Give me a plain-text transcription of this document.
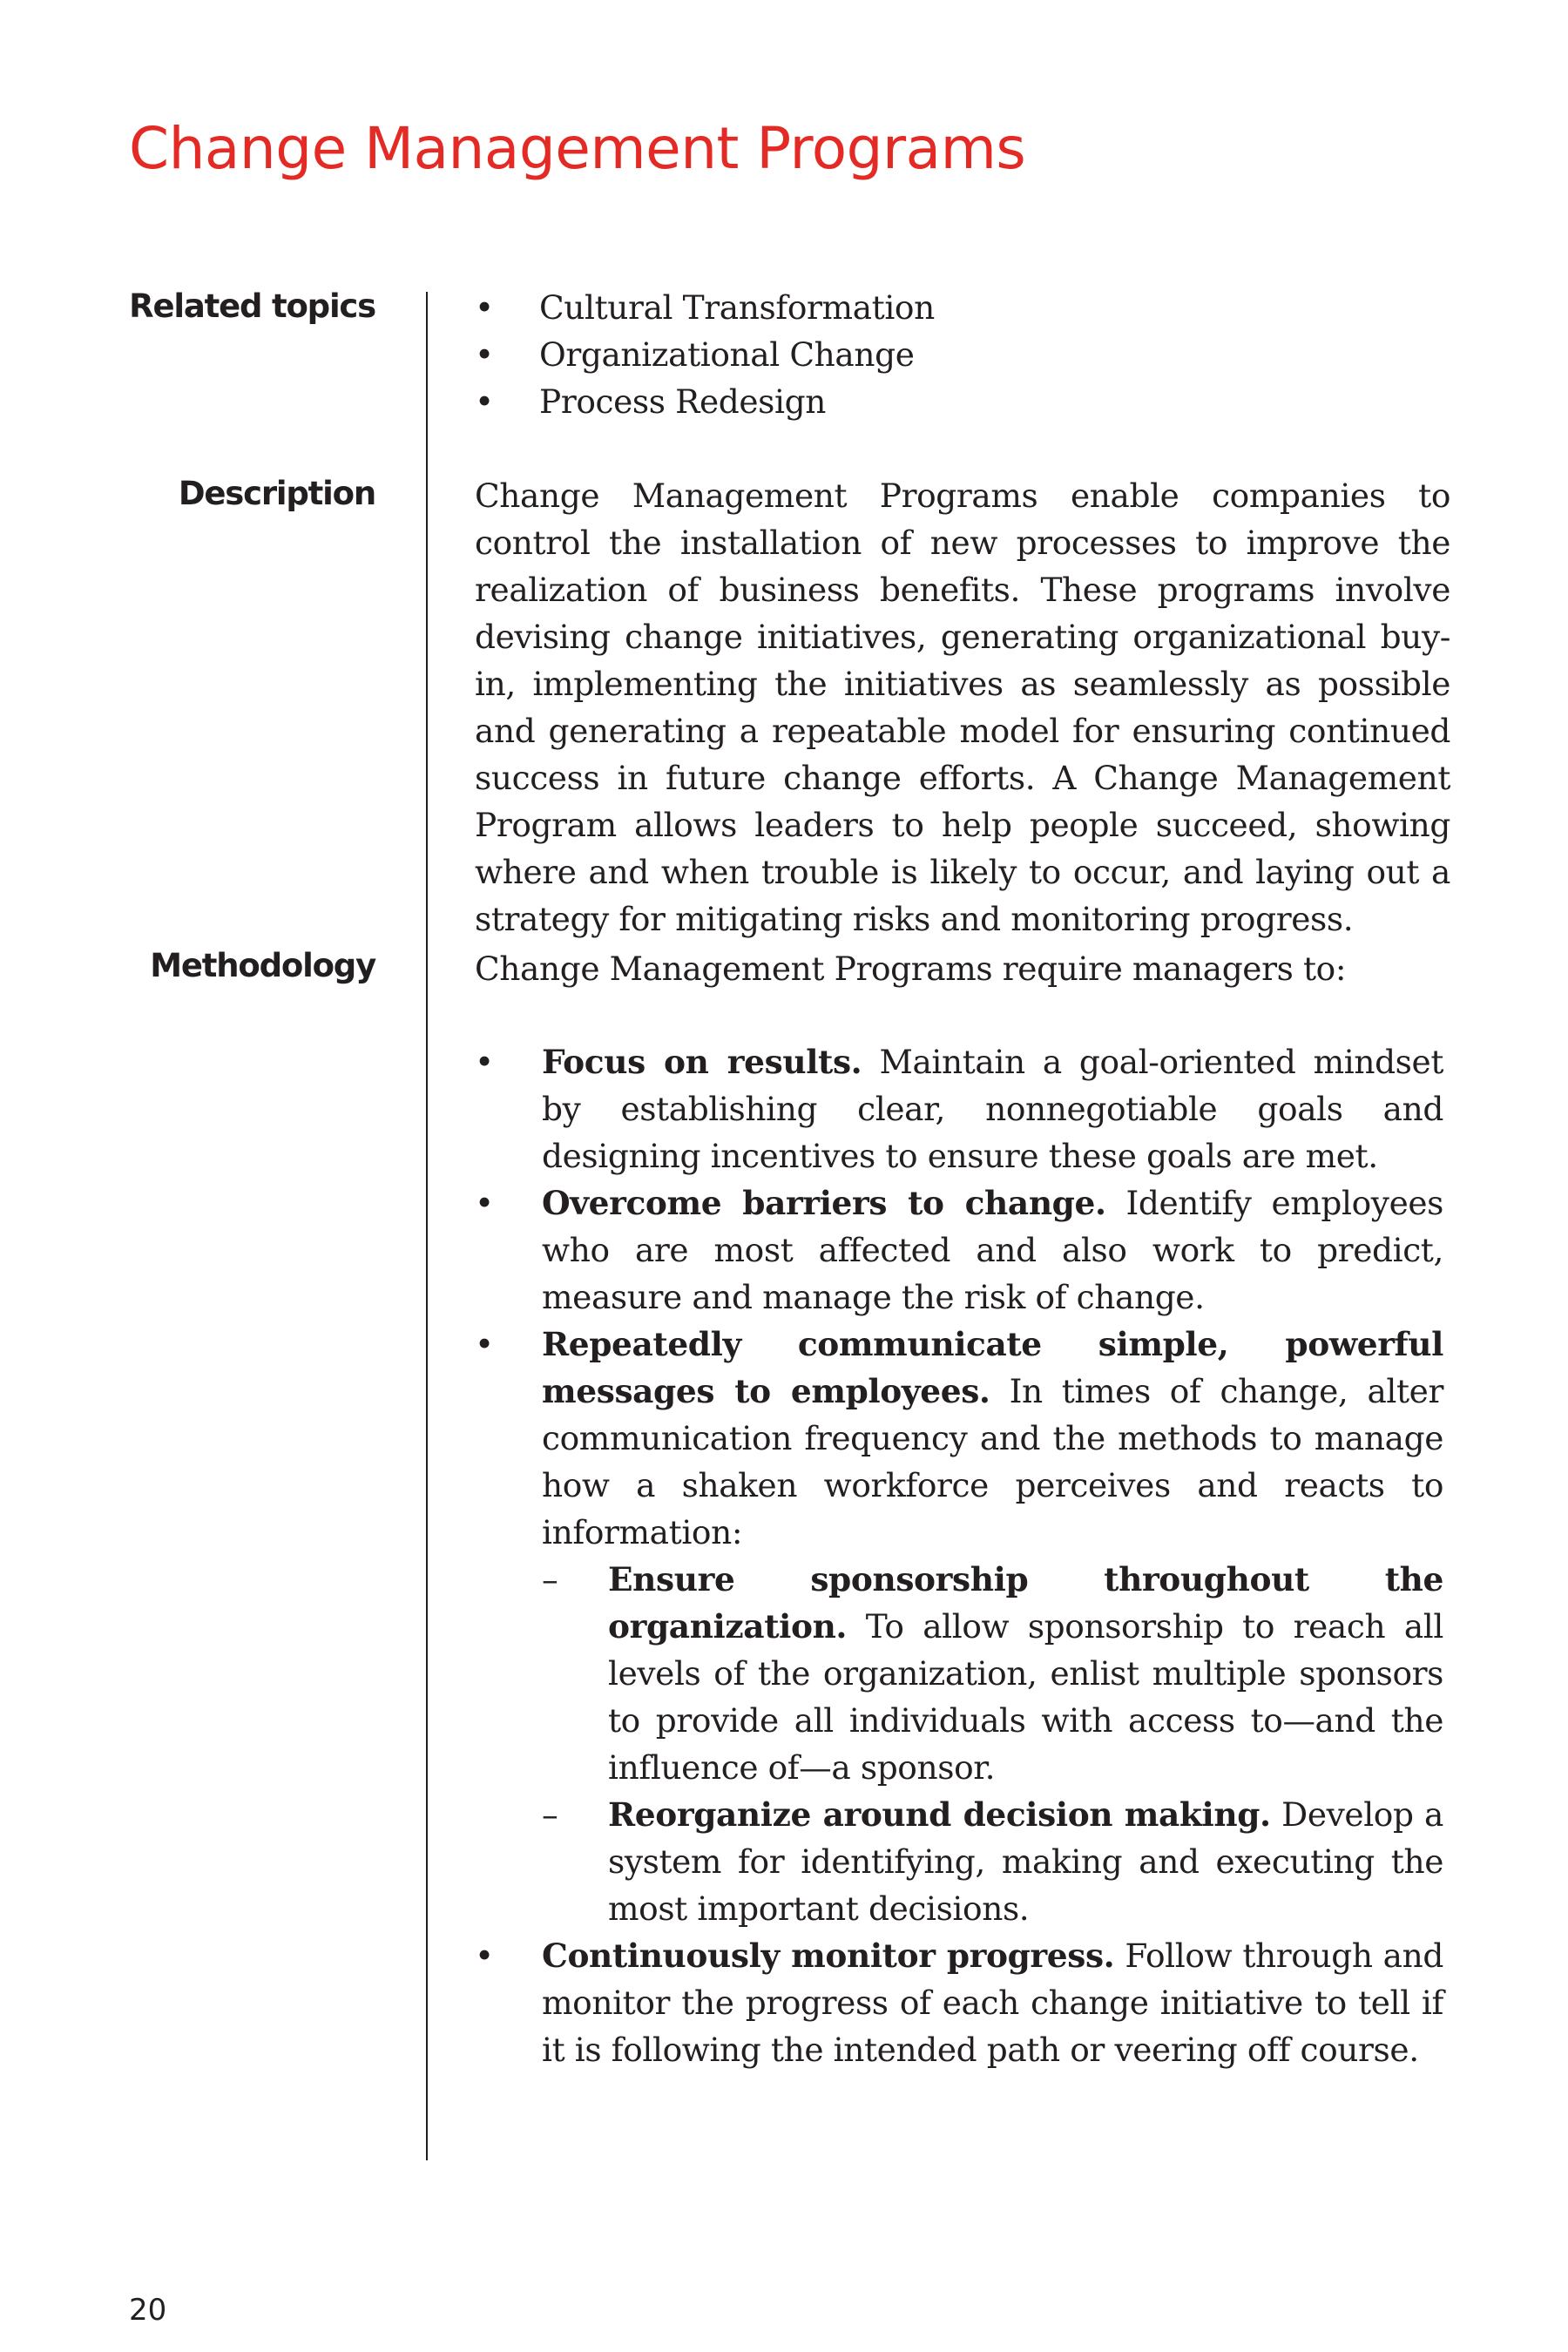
Change Management Programs
Related topics	• Cultural Transformation
• Organizational Change
• Process Redesign
Description	Change Management Programs enable companies to control the installation of new processes to improve the realization of business benefits. These programs involve devising change initiatives, generating organizational buy-in, implementing the initiatives as seamlessly as possible and generating a repeatable model for ensuring continued success in future change efforts. A Change Management Program allows leaders to help people succeed, showing where and when trouble is likely to occur, and laying out a strategy for mitigating risks and monitoring progress.

Methodology	Change Management Programs require managers to:

• Focus on results. Maintain a goal-oriented mindset by establishing clear, nonnegotiable goals and designing incentives to ensure these goals are met.
• Overcome barriers to change. Identify employees who are most affected and also work to predict, measure and manage the risk of change.
• Repeatedly communicate simple, powerful messages to employees. In times of change, alter communication frequency and the methods to manage how a shaken workforce perceives and reacts to information:
– Ensure sponsorship throughout the organization. To allow sponsorship to reach all levels of the organization, enlist multiple sponsors to provide all individuals with access to—and the influence of—a sponsor.
– Reorganize around decision making. Develop a system for identifying, making and executing the most important decisions.
• Continuously monitor progress. Follow through and monitor the progress of each change initiative to tell if it is following the intended path or veering off course.

20
